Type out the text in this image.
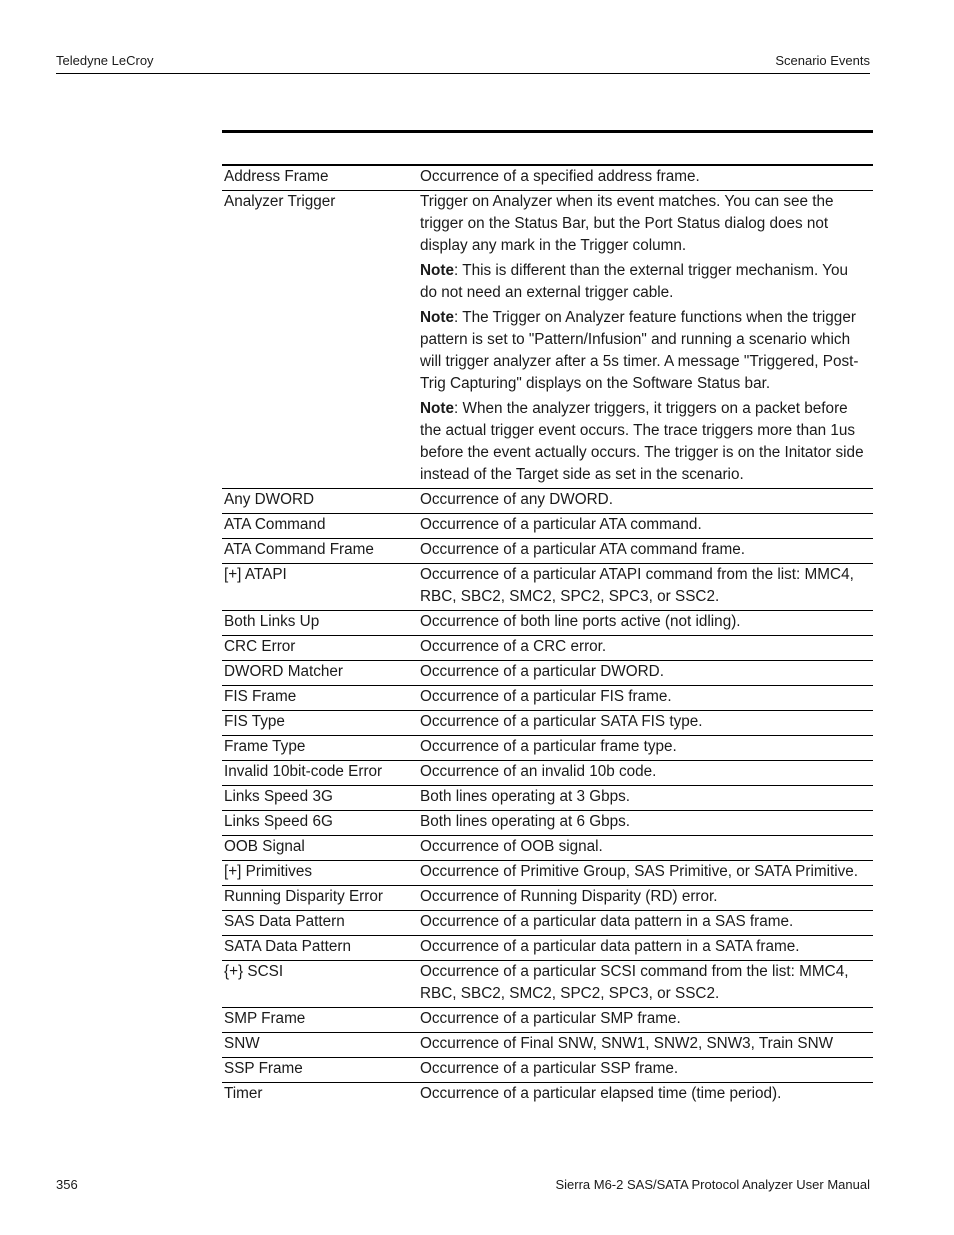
Teledyne LeCroy	Scenario Events
Address Frame	Occurrence of a specified address frame.

Analyzer Trigger	Trigger on Analyzer when its event matches. You can see the trigger on the Status Bar, but the Port Status dialog does not display any mark in the Trigger column.

Note: This is different than the external trigger mechanism. You do not need an external trigger cable.

Note: The Trigger on Analyzer feature functions when the trigger pattern is set to "Pattern/Infusion" and running a scenario which will trigger analyzer after a 5s timer. A message "Triggered, Post-Trig Capturing" displays on the Software Status bar.

Note: When the analyzer triggers, it triggers on a packet before the actual trigger event occurs. The trace triggers more than 1us before the event actually occurs. The trigger is on the Initator side instead of the Target side as set in the scenario.

Any DWORD	Occurrence of any DWORD.

ATA Command	Occurrence of a particular ATA command.

ATA Command Frame	Occurrence of a particular ATA command frame.

[+] ATAPI	Occurrence of a particular ATAPI command from the list: MMC4, RBC, SBC2, SMC2, SPC2, SPC3, or SSC2.

Both Links Up	Occurrence of both line ports active (not idling).

CRC Error	Occurrence of a CRC error.

DWORD Matcher	Occurrence of a particular DWORD.

FIS Frame	Occurrence of a particular FIS frame.

FIS Type	Occurrence of a particular SATA FIS type.

Frame Type	Occurrence of a particular frame type.

Invalid 10bit-code Error	Occurrence of an invalid 10b code.

Links Speed 3G	Both lines operating at 3 Gbps.

Links Speed 6G	Both lines operating at 6 Gbps.

OOB Signal	Occurrence of OOB signal.

[+] Primitives	Occurrence of Primitive Group, SAS Primitive, or SATA Primitive.

Running Disparity Error	Occurrence of Running Disparity (RD) error.

SAS Data Pattern	Occurrence of a particular data pattern in a SAS frame.

SATA Data Pattern	Occurrence of a particular data pattern in a SATA frame.

{+} SCSI	Occurrence of a particular SCSI command from the list: MMC4, RBC, SBC2, SMC2, SPC2, SPC3, or SSC2.

SMP Frame	Occurrence of a particular SMP frame.

SNW	Occurrence of Final SNW, SNW1, SNW2, SNW3, Train SNW

SSP Frame	Occurrence of a particular SSP frame.

Timer	Occurrence of a particular elapsed time (time period).

356	Sierra M6-2 SAS/SATA Protocol Analyzer User Manual
